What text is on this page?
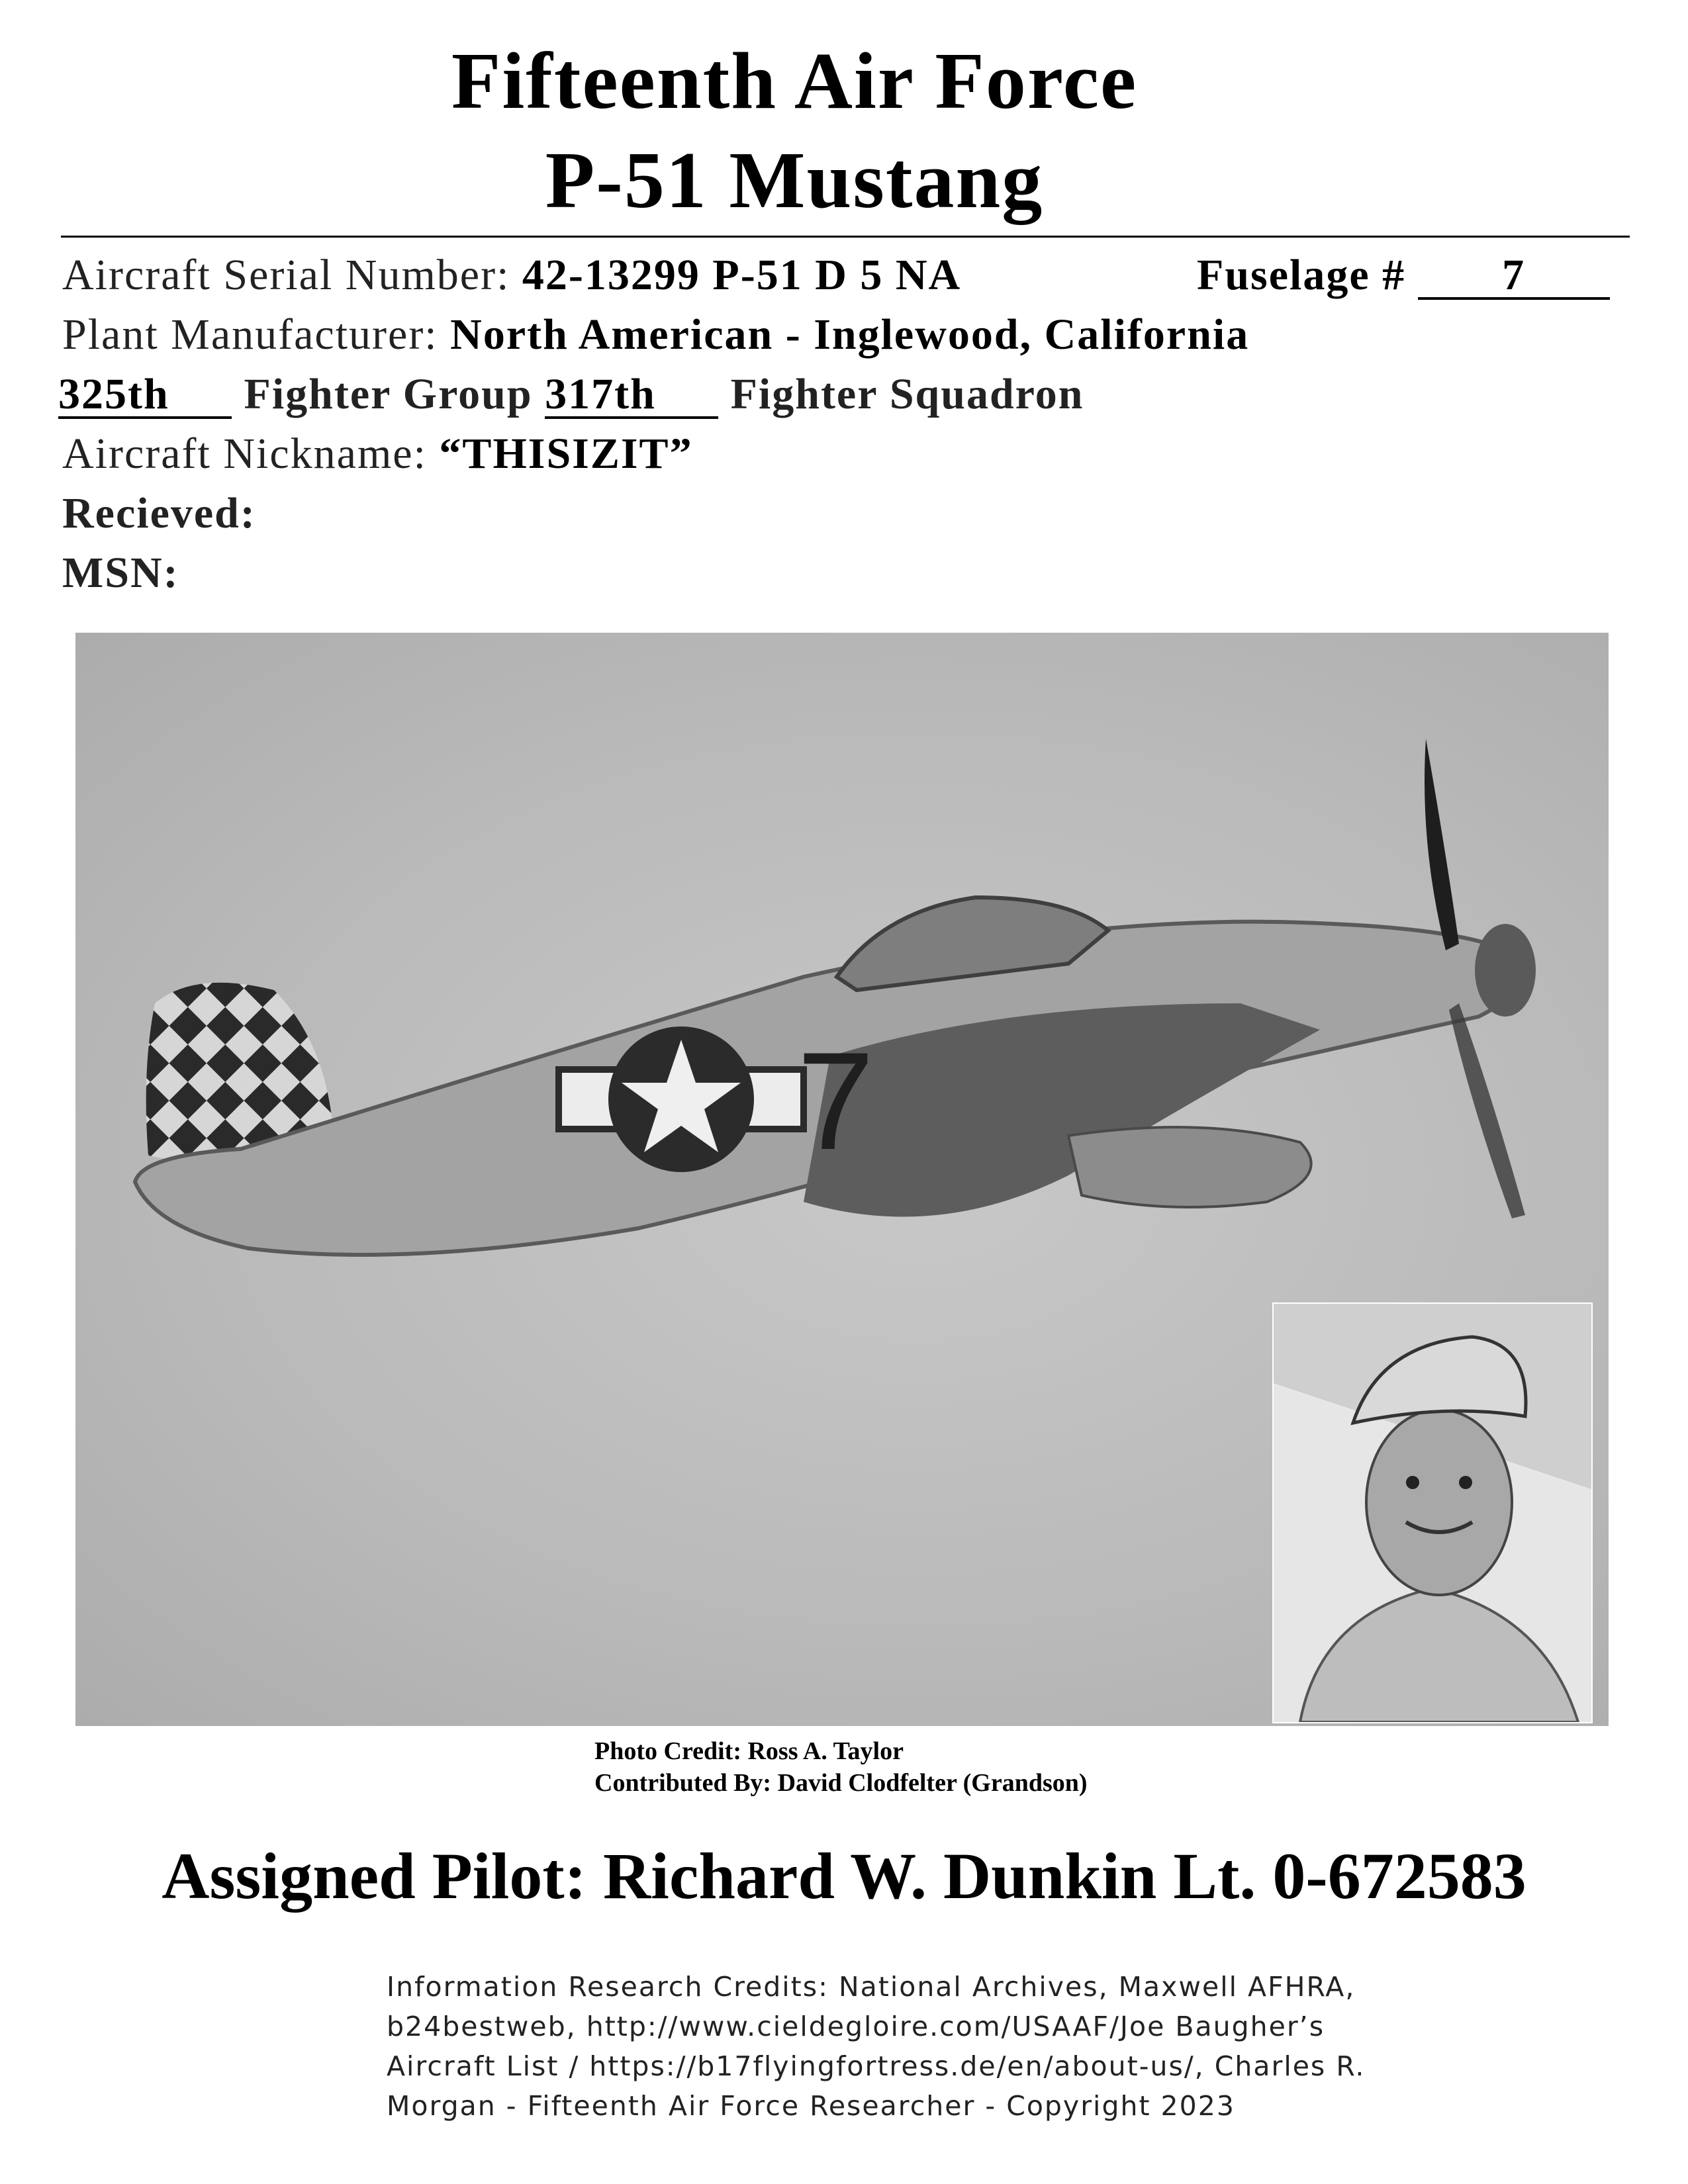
Fifteenth Air Force
P-51 Mustang
Aircraft Serial Number: 42-13299 P-51 D 5 NA	Fuselage # 7
Plant Manufacturer: North American - Inglewood, California
325th Fighter Group 317th Fighter Squadron
Aircraft Nickname: “THISIZIT”
Recieved:
MSN:
7
Photo Credit: Ross A. Taylor
Contributed By: David Clodfelter (Grandson)
Assigned Pilot: Richard W. Dunkin Lt. 0-672583
Information Research Credits: National Archives, Maxwell AFHRA,
b24bestweb, http://www.cieldegloire.com/USAAF/Joe Baugher’s
Aircraft List / https://b17flyingfortress.de/en/about-us/, Charles R.
Morgan - Fifteenth Air Force Researcher - Copyright 2023
